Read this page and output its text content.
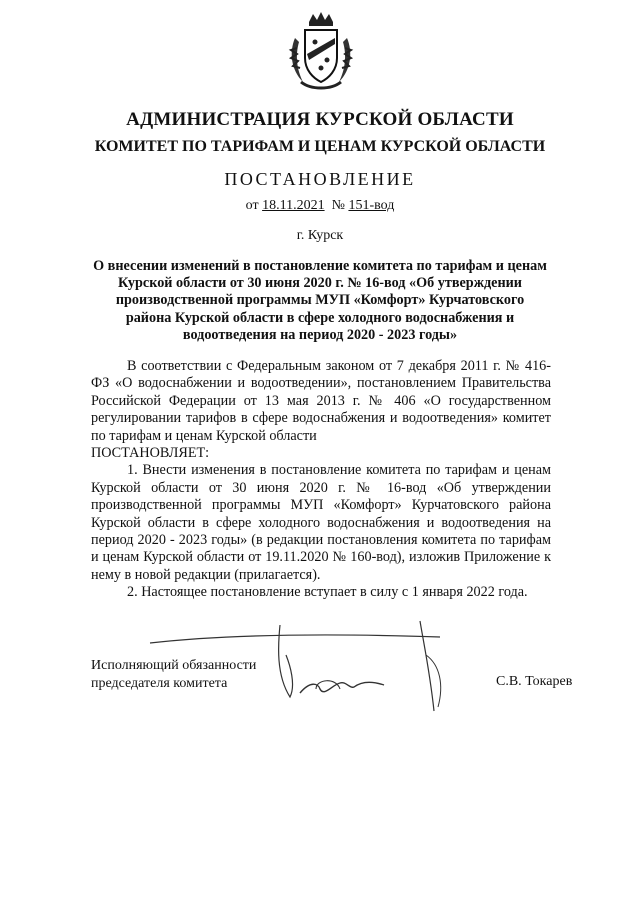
АДМИНИСТРАЦИЯ КУРСКОЙ ОБЛАСТИ
КОМИТЕТ ПО ТАРИФАМ И ЦЕНАМ КУРСКОЙ ОБЛАСТИ
ПОСТАНОВЛЕНИЕ
от 18.11.2021 № 151-вод
г. Курск
О внесении изменений в постановление комитета по тарифам и ценам
Курской области от 30 июня 2020 г. № 16-вод «Об утверждении
производственной программы МУП «Комфорт» Курчатовского
района Курской области в сфере холодного водоснабжения и
водоотведения на период 2020 - 2023 годы»

В соответствии с Федеральным законом от 7 декабря 2011 г. № 416-ФЗ «О водоснабжении и водоотведении», постановлением Правительства Российской Федерации от 13 мая 2013 г. № 406 «О государственном регулировании тарифов в сфере водоснабжения и водоотведения» комитет по тарифам и ценам Курской области

ПОСТАНОВЛЯЕТ:

1. Внести изменения в постановление комитета по тарифам и ценам Курской области от 30 июня 2020 г. № 16-вод «Об утверждении производственной программы МУП «Комфорт» Курчатовского района Курской области в сфере холодного водоснабжения и водоотведения на период 2020 - 2023 годы» (в редакции постановления комитета по тарифам и ценам Курской области от 19.11.2020 № 160-вод), изложив Приложение к нему в новой редакции (прилагается).

2. Настоящее постановление вступает в силу с 1 января 2022 года.

Исполняющий обязанности
председателя комитета	С.В. Токарев
